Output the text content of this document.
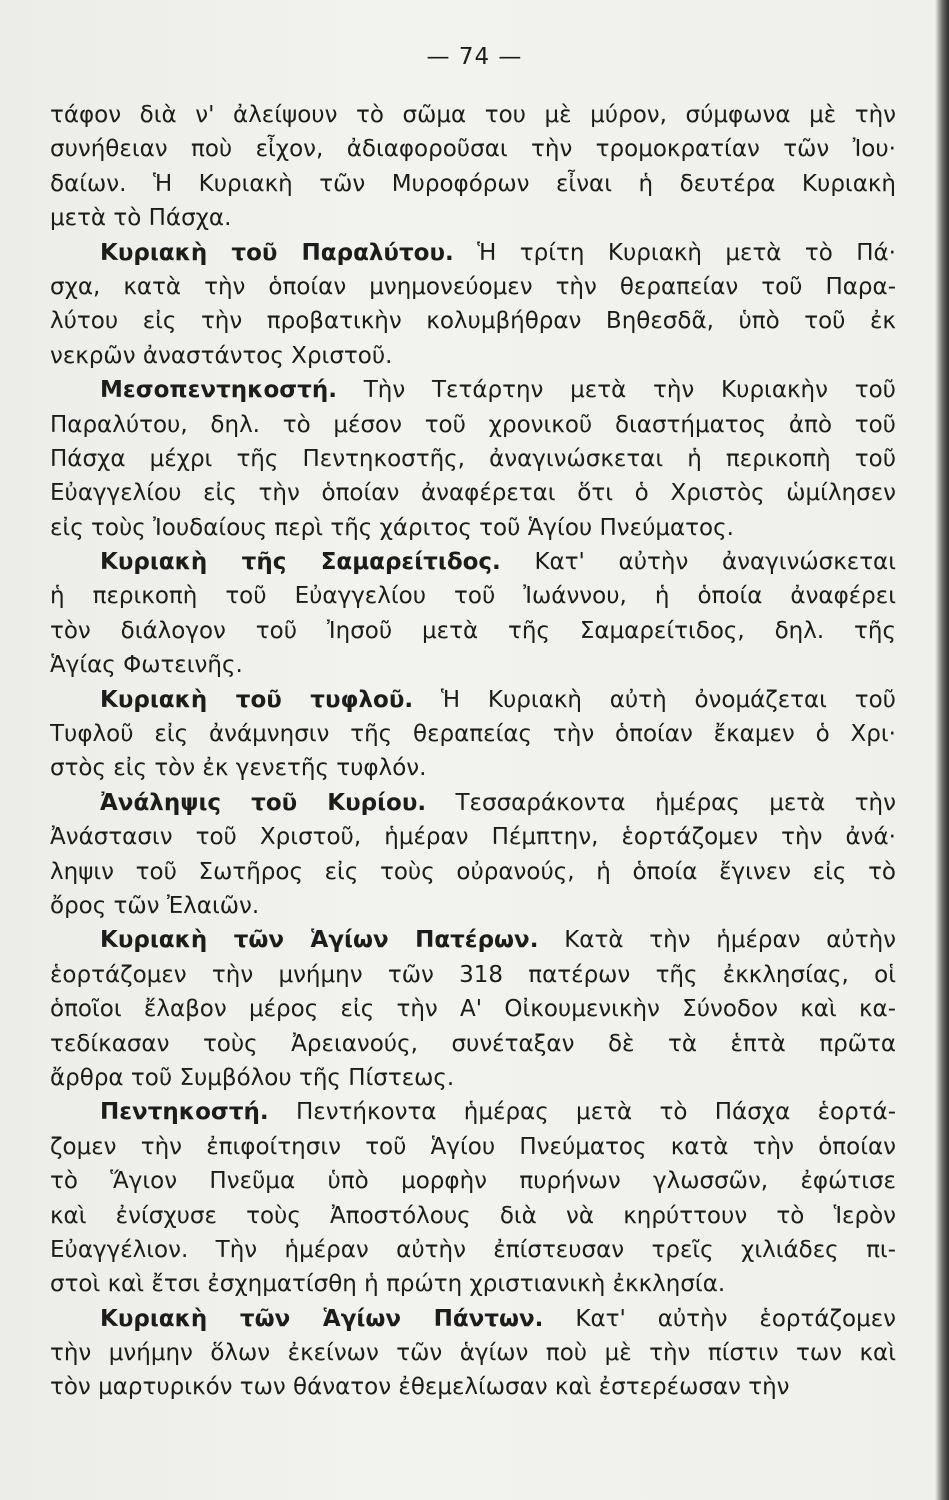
— 74 —
τάφον διὰ ν' ἀλείψουν τὸ σῶμα του μὲ μύρον, σύμφωνα μὲ τὴν
συνήθειαν ποὺ εἶχον, ἀδιαφοροῦσαι τὴν τρομοκρατίαν τῶν Ἰου·
δαίων. Ἡ Κυριακὴ τῶν Μυροφόρων εἶναι ἡ δευτέρα Κυριακὴ
μετὰ τὸ Πάσχα.
Κυριακὴ τοῦ Παραλύτου. Ἡ τρίτη Κυριακὴ μετὰ τὸ Πά·
σχα, κατὰ τὴν ὁποίαν μνημονεύομεν τὴν θεραπείαν τοῦ Παρα-
λύτου εἰς τὴν προβατικὴν κολυμβήθραν Βηθεσδᾶ, ὑπὸ τοῦ ἐκ
νεκρῶν ἀναστάντος Χριστοῦ.
Μεσοπεντηκοστή. Τὴν Τετάρτην μετὰ τὴν Κυριακὴν τοῦ
Παραλύτου, δηλ. τὸ μέσον τοῦ χρονικοῦ διαστήματος ἀπὸ τοῦ
Πάσχα μέχρι τῆς Πεντηκοστῆς, ἀναγινώσκεται ἡ περικοπὴ τοῦ
Εὐαγγελίου εἰς τὴν ὁποίαν ἀναφέρεται ὅτι ὁ Χριστὸς ὡμίλησεν
εἰς τοὺς Ἰουδαίους περὶ τῆς χάριτος τοῦ Ἁγίου Πνεύματος.
Κυριακὴ τῆς Σαμαρείτιδος. Κατ' αὐτὴν ἀναγινώσκεται
ἡ περικοπὴ τοῦ Εὐαγγελίου τοῦ Ἰωάννου, ἡ ὁποία ἀναφέρει
τὸν διάλογον τοῦ Ἰησοῦ μετὰ τῆς Σαμαρείτιδος, δηλ. τῆς
Ἁγίας Φωτεινῆς.
Κυριακὴ τοῦ τυφλοῦ. Ἡ Κυριακὴ αὐτὴ ὀνομάζεται τοῦ
Τυφλοῦ εἰς ἀνάμνησιν τῆς θεραπείας τὴν ὁποίαν ἔκαμεν ὁ Χρι·
στὸς εἰς τὸν ἐκ γενετῆς τυφλόν.
Ἀνάληψις τοῦ Κυρίου. Τεσσαράκοντα ἡμέρας μετὰ τὴν
Ἀνάστασιν τοῦ Χριστοῦ, ἡμέραν Πέμπτην, ἑορτάζομεν τὴν ἀνά·
ληψιν τοῦ Σωτῆρος εἰς τοὺς οὐρανούς, ἡ ὁποία ἔγινεν εἰς τὸ
ὄρος τῶν Ἐλαιῶν.
Κυριακὴ τῶν Ἁγίων Πατέρων. Κατὰ τὴν ἡμέραν αὐτὴν
ἑορτάζομεν τὴν μνήμην τῶν 318 πατέρων τῆς ἐκκλησίας, οἱ
ὁποῖοι ἔλαβον μέρος εἰς τὴν Α' Οἰκουμενικὴν Σύνοδον καὶ κα-
τεδίκασαν τοὺς Ἀρειανούς, συνέταξαν δὲ τὰ ἑπτὰ πρῶτα
ἄρθρα τοῦ Συμβόλου τῆς Πίστεως.
Πεντηκοστή. Πεντήκοντα ἡμέρας μετὰ τὸ Πάσχα ἑορτά-
ζομεν τὴν ἐπιφοίτησιν τοῦ Ἁγίου Πνεύματος κατὰ τὴν ὁποίαν
τὸ Ἅγιον Πνεῦμα ὑπὸ μορφὴν πυρήνων γλωσσῶν, ἐφώτισε
καὶ ἐνίσχυσε τοὺς Ἀποστόλους διὰ νὰ κηρύττουν τὸ Ἱερὸν
Εὐαγγέλιον. Τὴν ἡμέραν αὐτὴν ἐπίστευσαν τρεῖς χιλιάδες πι-
στοὶ καὶ ἔτσι ἐσχηματίσθη ἡ πρώτη χριστιανικὴ ἐκκλησία.
Κυριακὴ τῶν Ἁγίων Πάντων. Κατ' αὐτὴν ἑορτάζομεν
τὴν μνήμην ὅλων ἐκείνων τῶν ἁγίων ποὺ μὲ τὴν πίστιν των καὶ
τὸν μαρτυρικόν των θάνατον ἐθεμελίωσαν καὶ ἐστερέωσαν τὴν
